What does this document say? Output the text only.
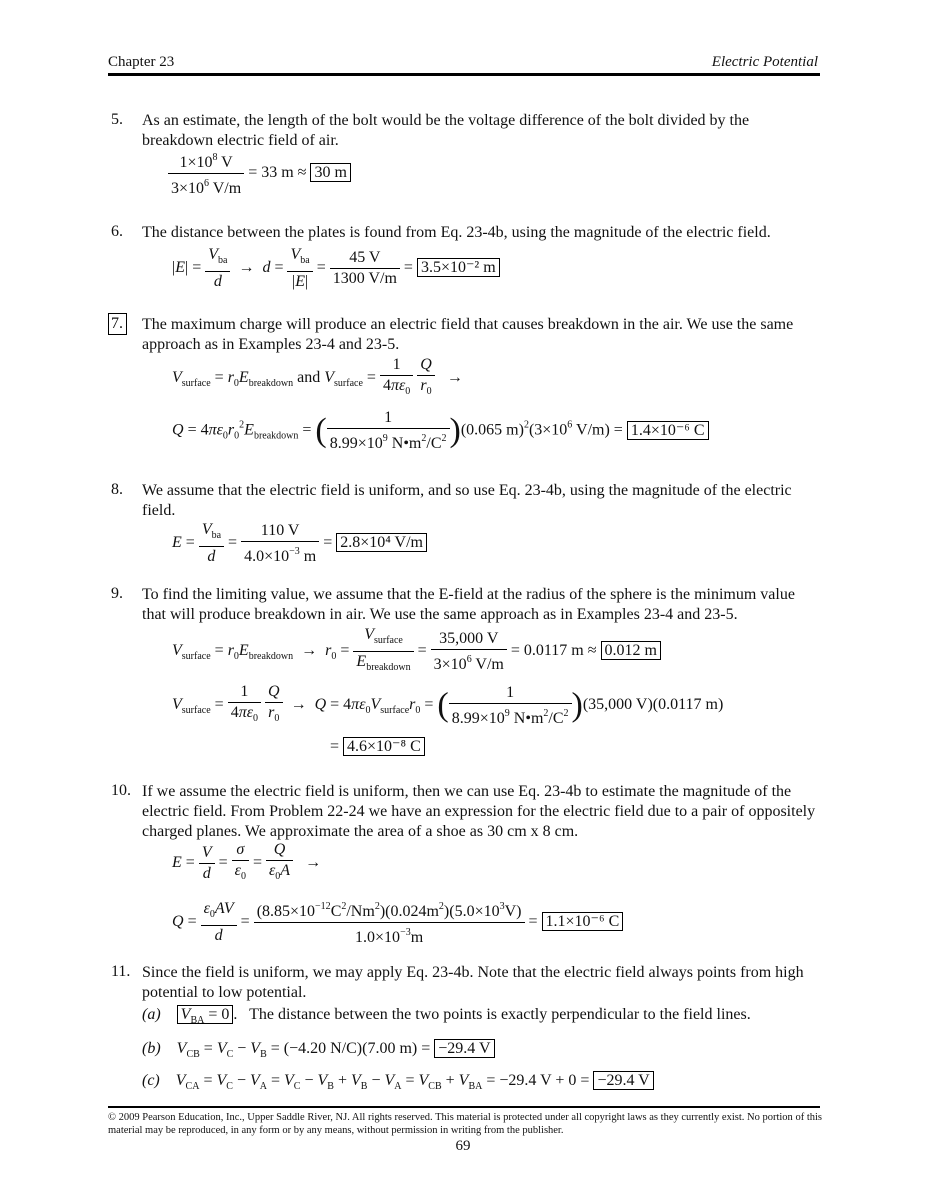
Chapter 23	Electric Potential
5. As an estimate, the length of the bolt would be the voltage difference of the bolt divided by the breakdown electric field of air.
$\frac{1\times 10^8 V}{3\times 10^6 V/m} = 33$ m ≈ 30 m
6. The distance between the plates is found from Eq. 23-4b, using the magnitude of the electric field.
$|E| = \frac{V_{ba}}{d} \to d = \frac{V_{ba}}{|E|} = \frac{45 V}{1300 V/m} = 3.5\times 10^{-2}$ m
7. The maximum charge will produce an electric field that causes breakdown in the air. We use the same approach as in Examples 23-4 and 23-5.
$V_{surface} = r_0E_{breakdown}$ and $V_{surface} = \frac{1}{4\pi\varepsilon_0}$
$\frac{Q}{r_0}$ →
$Q = 4\pi\varepsilon_0r_0^2E_{breakdown}$ = ( $\frac{1}{8.99\times 10^9 N•m^2/C^2} )(0.065$ $m)^2(3\times 10^6$ V/m) = 1.4×10⁻⁶ C
8. We assume that the electric field is uniform, and so use Eq. 23-4b, using the magnitude of the electric field.
$E = \frac{V_{ba}}{d} = \frac{110 V}{4.0\times 10^{-3} m} = 2.8\times 10^4$ V/m
9. To find the limiting value, we assume that the E-field at the radius of the sphere is the minimum value that will produce breakdown in air. We use the same approach as in Examples 23-4 and 23-5.
$V_{surface} = r_0E_{breakdown} \to r_0 = \frac{V_{surface}}{E_{breakdown}} = \frac{35,000 V}{3\times 10^6 V/m} = 0.0117$ m ≈ 0.012 m
$V_{surface} = \frac{1}{4\pi\varepsilon_0}$
$\frac{Q}{r_0} \to Q = 4\pi\varepsilon_0V_{surface}r_0$ = ( $\frac{1}{8.99\times 10^9 N•m^2/C^2} )(35,000$ V)(0.0117 m)
= 4.6×10⁻⁸ C
10. If we assume the electric field is uniform, then we can use Eq. 23-4b to estimate the magnitude of the electric field. From Problem 22-24 we have an expression for the electric field due to a pair of oppositely charged planes. We approximate the area of a shoe as 30 cm x 8 cm.
$E = \frac{V}{d} = \frac{\sigma}{\varepsilon_0} = \frac{Q}{\varepsilon_0A}$ →
$Q = \frac{\varepsilon_0AV}{d} = \frac{(8.85\times 10^{-12}C^2/Nm^2)(0.024m^2)(5.0\times 10^3V)}{1.0\times 10^{-3}m} = 1.1\times 10^{-6}$ C
11. Since the field is uniform, we may apply Eq. 23-4b. Note that the electric field always points from high potential to low potential.
(a) $V_{BA} = 0$ .   The distance between the two points is exactly perpendicular to the field lines.
(b) $V_{CB} = V_C - V_B = (-4.20$ N/C)(7.00 m) = −29.4 V
(c) $V_{CA} = V_C - V_A = V_C - V_B + V_B - V_A = V_{CB} + V_{BA} = -29.4$ V + 0 = −29.4 V
© 2009 Pearson Education, Inc., Upper Saddle River, NJ. All rights reserved. This material is protected under all copyright laws as they currently exist. No portion of this material may be reproduced, in any form or by any means, without permission in writing from the publisher.
69
